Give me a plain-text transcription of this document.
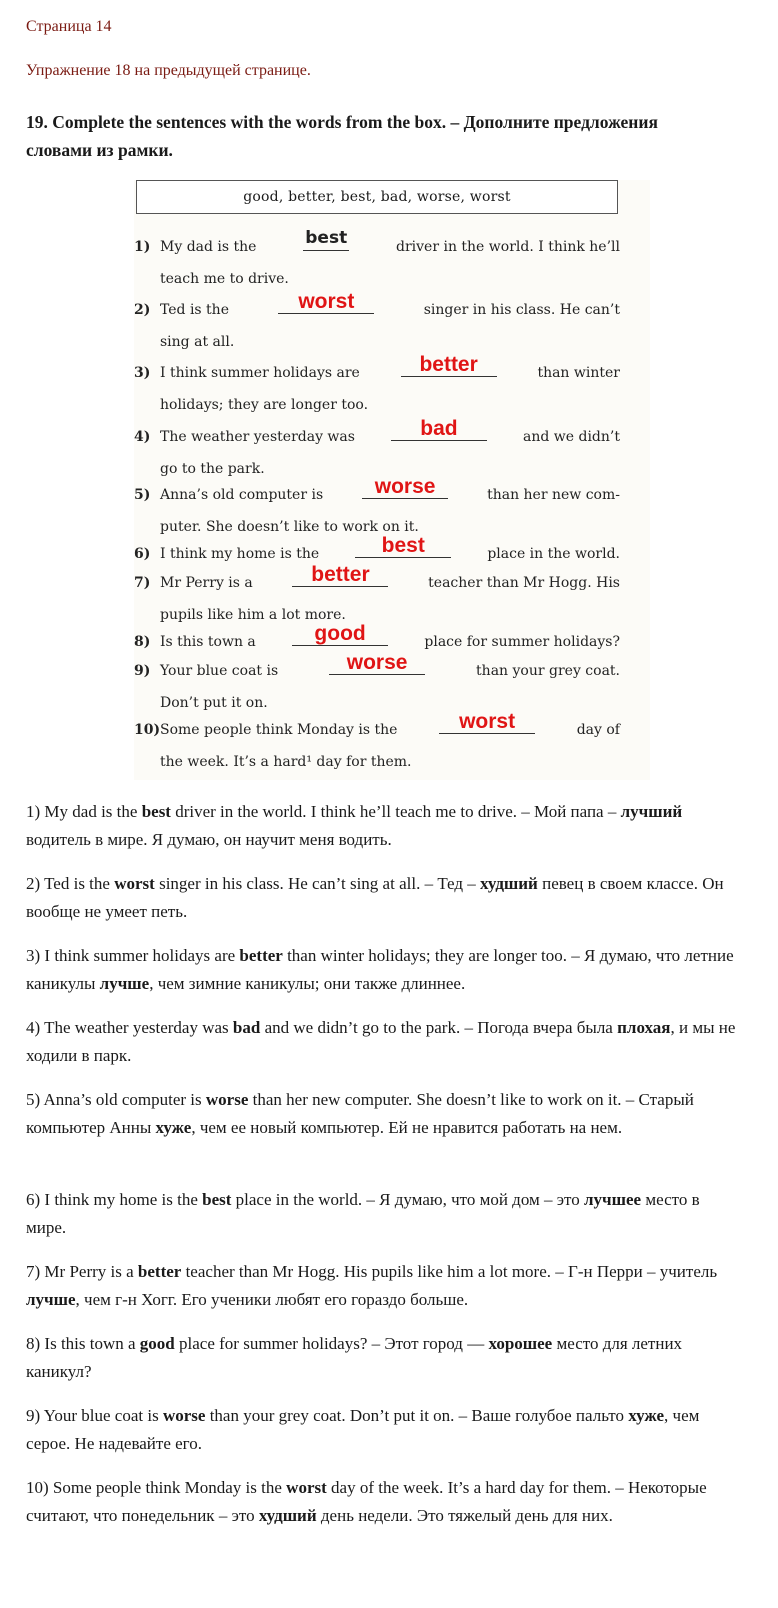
Страница 14
Упражнение 18 на предыдущей странице.
19. Complete the sentences with the words from the box. – Дополните предложения словами из рамки.
good, better, best, bad, worse, worst
1) My dad is the	best	driver in the world. I think he’ll
teach me to drive.
2) Ted is the	worst	singer in his class. He can’t
sing at all.
3) I think summer holidays are	better	than winter
holidays; they are longer too.
4) The weather yesterday was	bad	and we didn’t
go to the park.
5) Anna’s old computer is	worse	than her new com-
puter. She doesn’t like to work on it.
6) I think my home is the	best	place in the world.
7) Mr Perry is a	better	teacher than Mr Hogg. His
pupils like him a lot more.
8) Is this town a	good	place for summer holidays?
9) Your blue coat is	worse	than your grey coat.
Don’t put it on.
10) Some people think Monday is the	worst	day of
the week. It’s a hard¹ day for them.
1) My dad is the best driver in the world. I think he’ll teach me to drive. – Мой папа – лучший водитель в мире. Я думаю, он научит меня водить.
2) Ted is the worst singer in his class. He can’t sing at all. – Тед – худший певец в своем классе. Он вообще не умеет петь.
3) I think summer holidays are better than winter holidays; they are longer too. – Я думаю, что летние каникулы лучше, чем зимние каникулы; они также длиннее.
4) The weather yesterday was bad and we didn’t go to the park. – Погода вчера была плохая, и мы не ходили в парк.
5) Anna’s old computer is worse than her new computer. She doesn’t like to work on it. – Старый компьютер Анны хуже, чем ее новый компьютер. Ей не нравится работать на нем.
6) I think my home is the best place in the world. – Я думаю, что мой дом – это лучшее место в мире.
7) Mr Perry is a better teacher than Mr Hogg. His pupils like him a lot more. – Г-н Перри – учитель лучше, чем г-н Хогг. Его ученики любят его гораздо больше.
8) Is this town a good place for summer holidays? – Этот город — хорошее место для летних каникул?
9) Your blue coat is worse than your grey coat. Don’t put it on. – Ваше голубое пальто хуже, чем серое. Не надевайте его.
10) Some people think Monday is the worst day of the week. It’s a hard day for them. – Некоторые считают, что понедельник – это худший день недели. Это тяжелый день для них.
